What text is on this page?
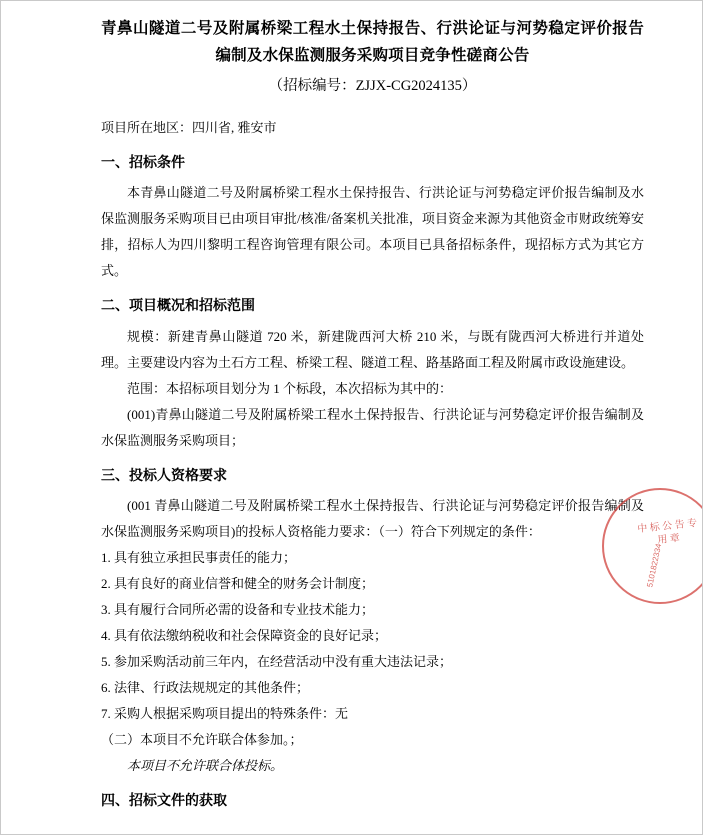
青鼻山隧道二号及附属桥梁工程水土保持报告、行洪论证与河势稳定评价报告编制及水保监测服务采购项目竞争性磋商公告
（招标编号：ZJJX-CG2024135）
项目所在地区：四川省, 雅安市
一、招标条件

本青鼻山隧道二号及附属桥梁工程水土保持报告、行洪论证与河势稳定评价报告编制及水保监测服务采购项目已由项目审批/核准/备案机关批准，项目资金来源为其他资金市财政统筹安排，招标人为四川黎明工程咨询管理有限公司。本项目已具备招标条件，现招标方式为其它方式。

二、项目概况和招标范围

规模：新建青鼻山隧道 720 米，新建陇西河大桥 210 米，与既有陇西河大桥进行并道处理。主要建设内容为土石方工程、桥梁工程、隧道工程、路基路面工程及附属市政设施建设。

范围：本招标项目划分为 1 个标段，本次招标为其中的：

(001)青鼻山隧道二号及附属桥梁工程水土保持报告、行洪论证与河势稳定评价报告编制及水保监测服务采购项目；

三、投标人资格要求

(001 青鼻山隧道二号及附属桥梁工程水土保持报告、行洪论证与河势稳定评价报告编制及水保监测服务采购项目)的投标人资格能力要求：（一）符合下列规定的条件：

1. 具有独立承担民事责任的能力；

2. 具有良好的商业信誉和健全的财务会计制度；

3. 具有履行合同所必需的设备和专业技术能力；

4. 具有依法缴纳税收和社会保障资金的良好记录；

5. 参加采购活动前三年内，在经营活动中没有重大违法记录；

6. 法律、行政法规规定的其他条件；

7. 采购人根据采购项目提出的特殊条件：无

（二）本项目不允许联合体参加。；

本项目不允许联合体投标。

四、招标文件的获取
中 标 公 告 专 用 章
5101822334
